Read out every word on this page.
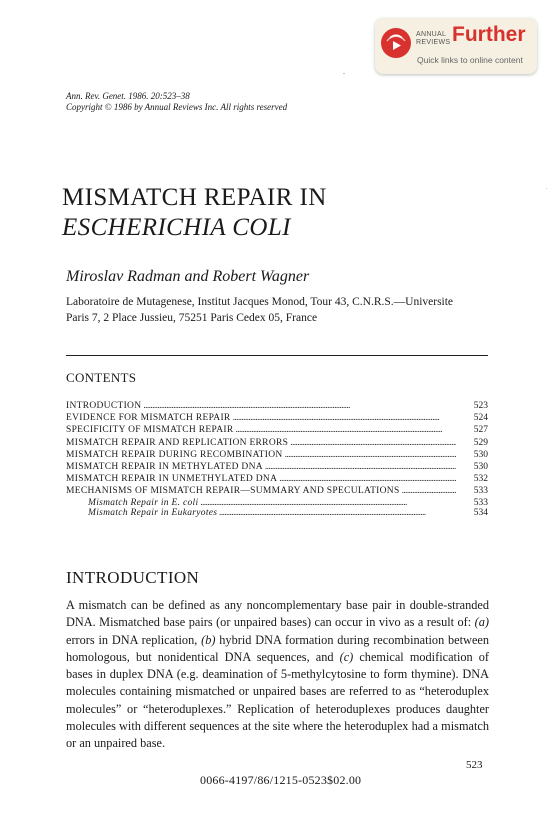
ANNUAL
REVIEWS Further
Quick links to online content
Ann. Rev. Genet. 1986. 20:523–38
Copyright © 1986 by Annual Reviews Inc. All rights reserved
MISMATCH REPAIR IN
ESCHERICHIA COLI
Miroslav Radman and Robert Wagner
Laboratoire de Mutagenese, Institut Jacques Monod, Tour 43, C.N.R.S.—Universite
Paris 7, 2 Place Jussieu, 75251 Paris Cedex 05, France
CONTENTS
INTRODUCTION . . .	523
EVIDENCE FOR MISMATCH REPAIR . . .	524
SPECIFICITY OF MISMATCH REPAIR . . .	527
MISMATCH REPAIR AND REPLICATION ERRORS . . .	529
MISMATCH REPAIR DURING RECOMBINATION . . .	530
MISMATCH REPAIR IN METHYLATED DNA . . .	530
MISMATCH REPAIR IN UNMETHYLATED DNA . . .	532
MECHANISMS OF MISMATCH REPAIR—SUMMARY AND SPECULATIONS . . .	533
Mismatch Repair in E. coli . . .	533
Mismatch Repair in Eukaryotes . . .	534
INTRODUCTION
A mismatch can be defined as any noncomplementary base pair in double-stranded DNA. Mismatched base pairs (or unpaired bases) can occur in vivo as a result of: (a) errors in DNA replication, (b) hybrid DNA formation during recombination between homologous, but nonidentical DNA sequences, and (c) chemical modification of bases in duplex DNA (e.g. deamination of 5-methylcytosine to form thymine). DNA molecules containing mismatched or unpaired bases are referred to as “heteroduplex molecules” or “heteroduplexes.” Replication of heteroduplexes produces daughter molecules with different sequences at the site where the heteroduplex had a mismatch or an unpaired base.
523
0066-4197/86/1215-0523$02.00
